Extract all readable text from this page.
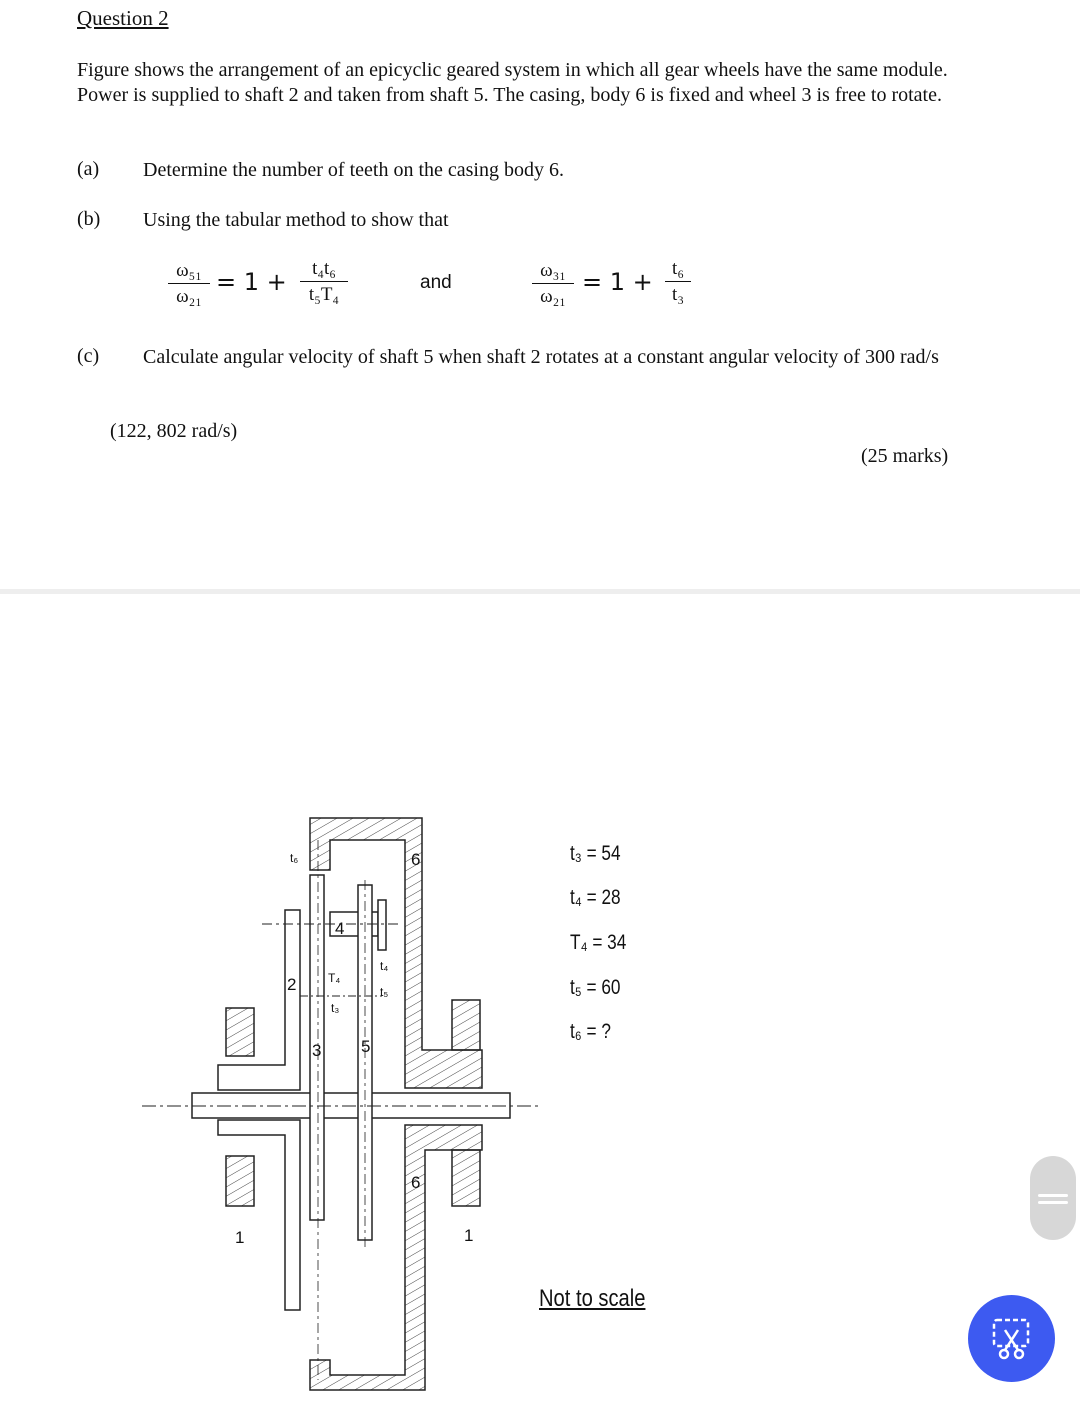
Question 2
Figure shows the arrangement of an epicyclic geared system in which all gear wheels have the same module. Power is supplied to shaft 2 and taken from shaft 5. The casing, body 6 is fixed and wheel 3 is free to rotate.
(a) Determine the number of teeth on the casing body 6.
(b) Using the tabular method to show that
$\frac{\text{ω₅₁}}{\text{ω₂₁}} = 1 + \frac{\text{t₄t₆}}{\text{t₅T₄}}$	and	$\frac{\text{ω₃₁}}{\text{ω₂₁}} = 1 + \frac{\text{t₆}}{\text{t₃}}$
(c) Calculate angular velocity of shaft 5 when shaft 2 rotates at a constant angular velocity of 300 rad/s
(122, 802 rad/s)
(25 marks)
6
6
4
2
3 5
1	1
t₆
T₄
t₃
t₄
t₅
t₃ = 54
t₄ = 28
T₄ = 34
t₅ = 60
t₆ = ?
Not to scale
